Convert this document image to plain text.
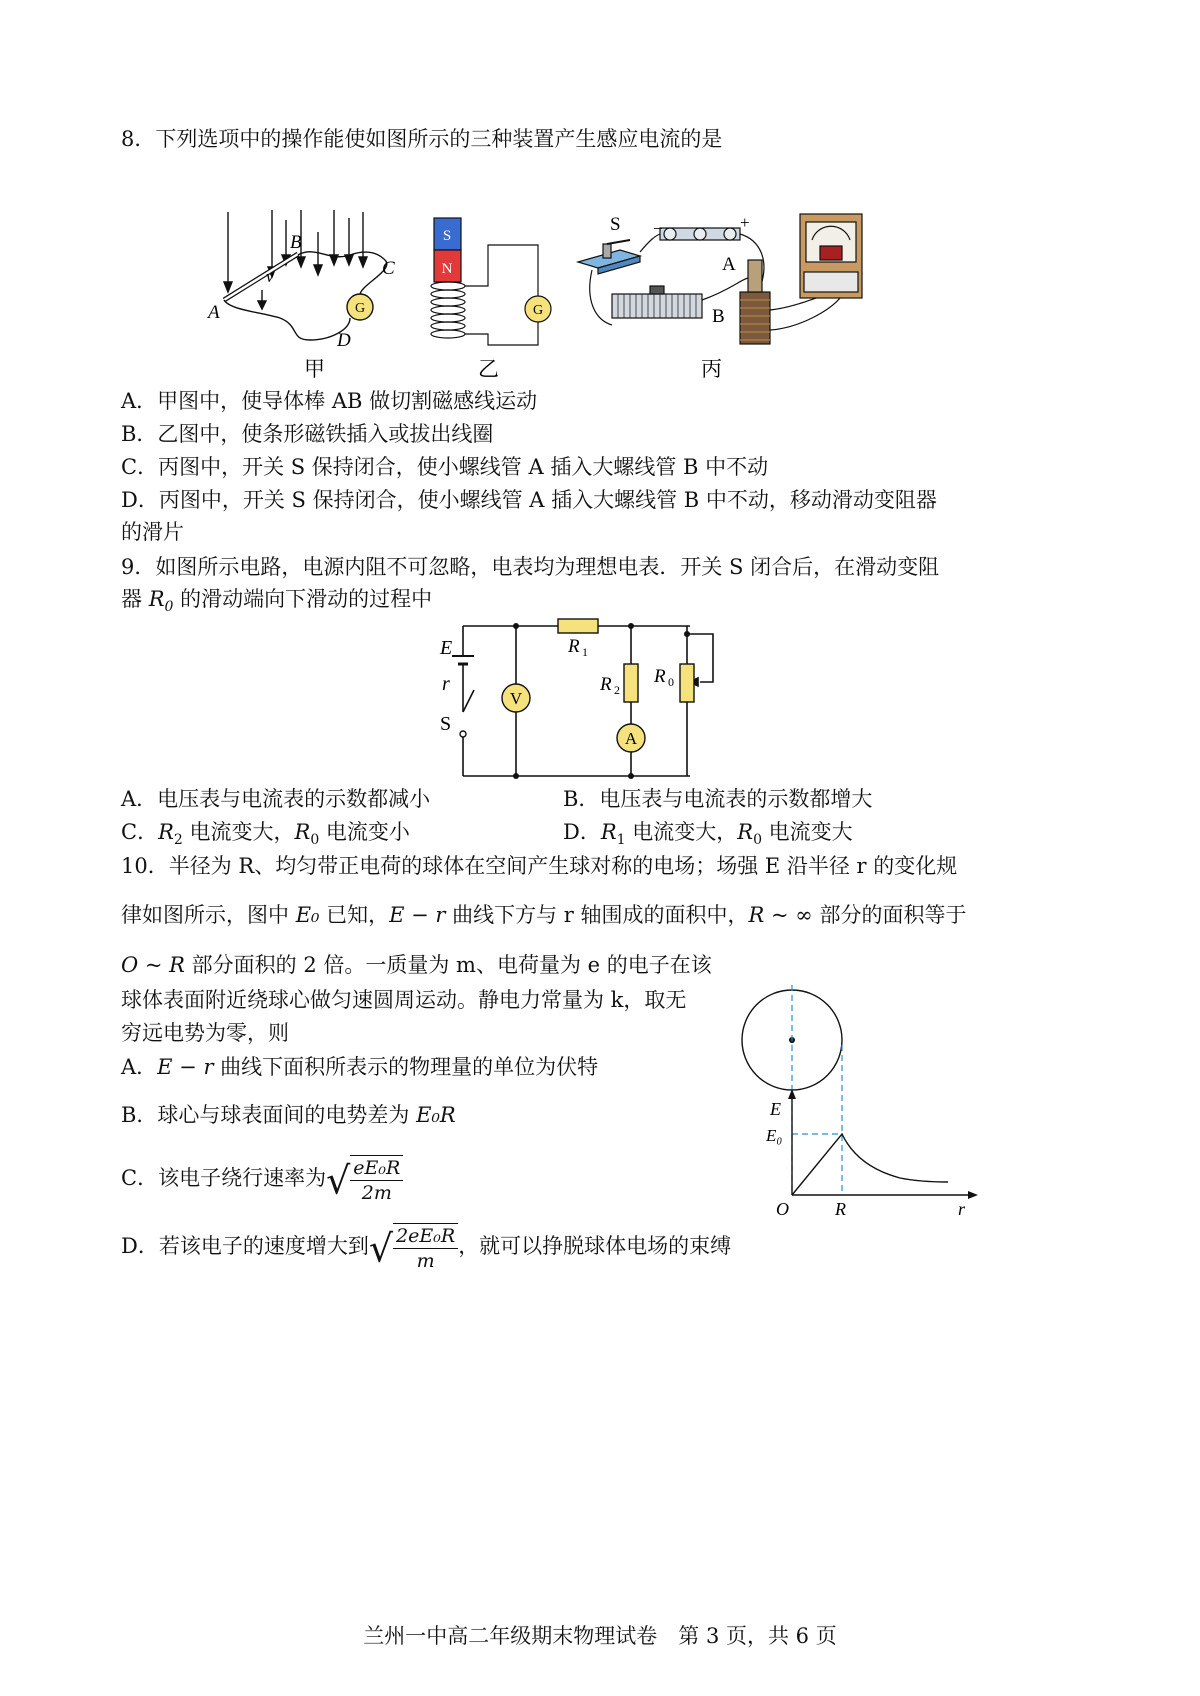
8．下列选项中的操作能使如图所示的三种装置产生感应电流的是
G
B
C
A
D
v
甲
S
N
G
乙
S −	+
A
B
丙
A．甲图中，使导体棒 AB 做切割磁感线运动
B．乙图中，使条形磁铁插入或拔出线圈
C．丙图中，开关 S 保持闭合，使小螺线管 A 插入大螺线管 B 中不动
D．丙图中，开关 S 保持闭合，使小螺线管 A 插入大螺线管 B 中不动，移动滑动变阻器
的滑片
9．如图所示电路，电源内阻不可忽略，电表均为理想电表．开关 S 闭合后，在滑动变阻
器 $R_0$ 的滑动端向下滑动的过程中
V
A
E
r
S
R 1
R 2
R 0
A．电压表与电流表的示数都减小	B．电压表与电流表的示数都增大
C．$R_2$ 电流变大，$R_0$ 电流变小	D．$R_1$ 电流变大，$R_0$ 电流变大
10．半径为 R、均匀带正电荷的球体在空间产生球对称的电场；场强 E 沿半径 r 的变化规
律如图所示，图中 E₀ 已知，E − r 曲线下方与 r 轴围成的面积中，R ~ ∞ 部分的面积等于
O ~ R 部分面积的 2 倍。一质量为 m、电荷量为 e 的电子在该
球体表面附近绕球心做匀速圆周运动。静电力常量为 k，取无
穷远电势为零，则
A．E − r 曲线下面积所表示的物理量的单位为伏特
B．球心与球表面间的电势差为 E₀R
C．该电子绕行速率为√ $\frac{\text{eE₀R}}{2m}$
D．若该电子的速度增大到√ $\frac{\text{2eE₀R}}{m}$ ，就可以挣脱球体电场的束缚
E
E₀
O	R	r
兰州一中高二年级期末物理试卷　第 3 页，共 6 页
